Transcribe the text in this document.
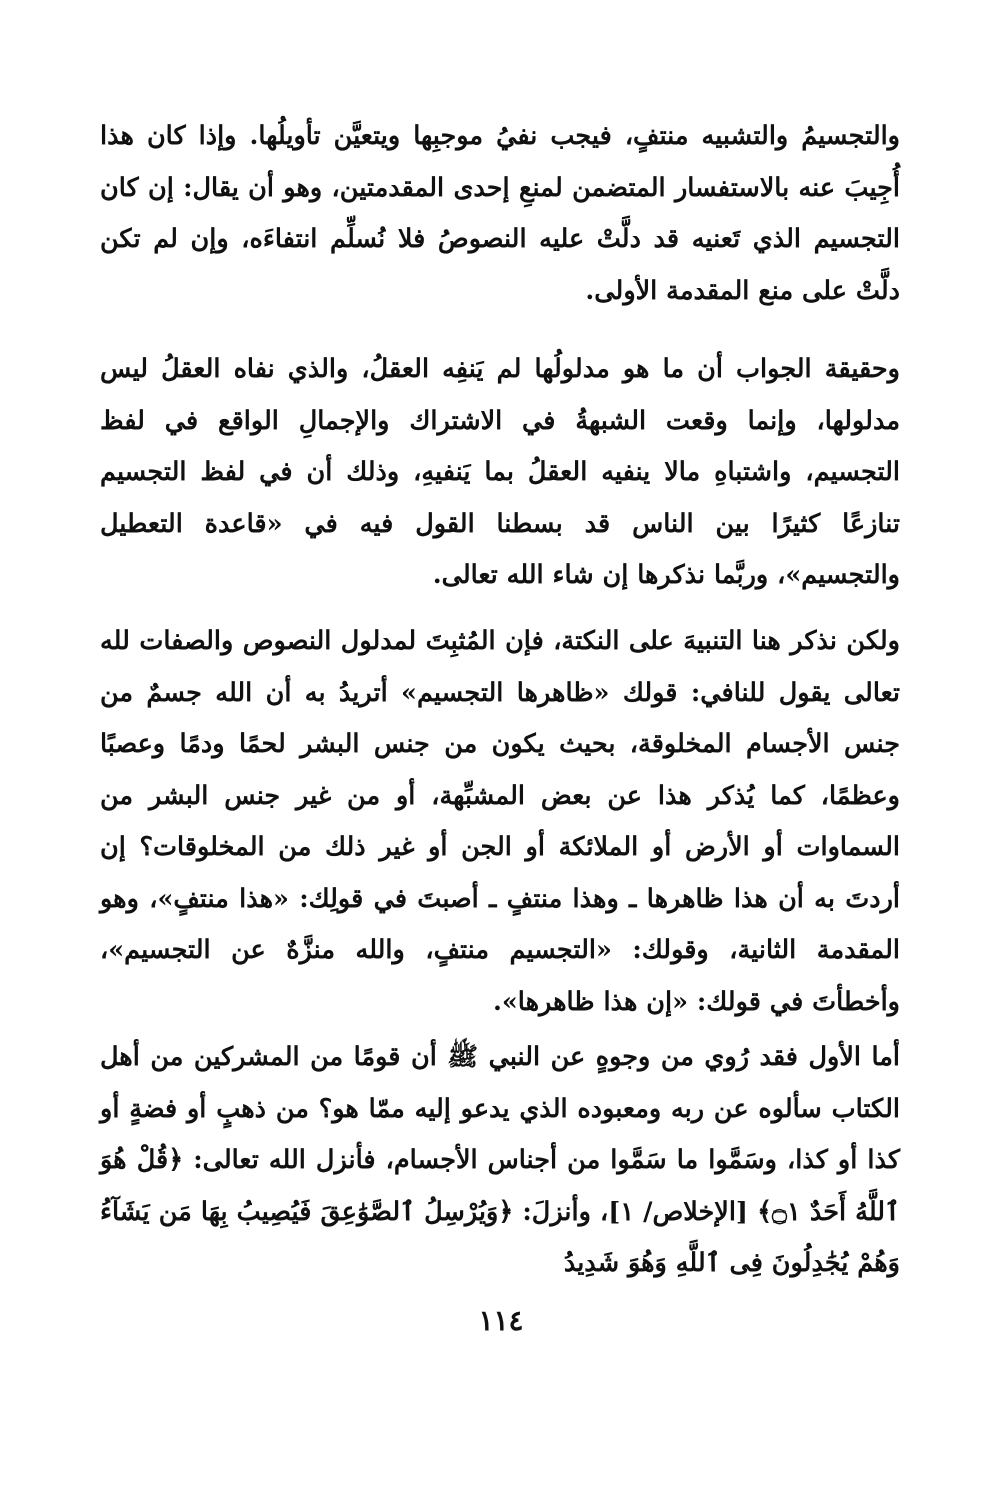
والتجسيمُ والتشبيه منتفٍ، فيجب نفيُ موجبِها ويتعيَّن تأويلُها. وإذا كان هذا أُجِيبَ عنه بالاستفسار المتضمن لمنعِ إحدى المقدمتين، وهو أن يقال: إن كان التجسيم الذي تَعنيه قد دلَّتْ عليه النصوصُ فلا نُسلِّم انتفاءَه، وإن لم تكن دلَّتْ على منع المقدمة الأولى.

وحقيقة الجواب أن ما هو مدلولُها لم يَنفِه العقلُ، والذي نفاه العقلُ ليس مدلولها، وإنما وقعت الشبهةُ في الاشتراك والإجمالِ الواقع في لفظ التجسيم، واشتباهِ مالا ينفيه العقلُ بما يَنفيهِ، وذلك أن في لفظ التجسيم تنازعًا كثيرًا بين الناس قد بسطنا القول فيه في «قاعدة التعطيل والتجسيم»، وربَّما نذكرها إن شاء الله تعالى.

ولكن نذكر هنا التنبيهَ على النكتة، فإن المُثبِتَ لمدلول النصوص والصفات لله تعالى يقول للنافي: قولك «ظاهرها التجسيم» أتريدُ به أن الله جسمٌ من جنس الأجسام المخلوقة، بحيث يكون من جنس البشر لحمًا ودمًا وعصبًا وعظمًا، كما يُذكر هذا عن بعض المشبِّهة، أو من غير جنس البشر من السماوات أو الأرض أو الملائكة أو الجن أو غير ذلك من المخلوقات؟ إن أردتَ به أن هذا ظاهرها ـ وهذا منتفٍ ـ أصبتَ في قولِك: «هذا منتفٍ»، وهو المقدمة الثانية، وقولك: «التجسيم منتفٍ، والله منزَّهٌ عن التجسيم»، وأخطأتَ في قولك: «إن هذا ظاهرها».

أما الأول فقد رُوي من وجوهٍ عن النبي ﷺ أن قومًا من المشركين من أهل الكتاب سألوه عن ربه ومعبوده الذي يدعو إليه ممّا هو؟ من ذهبٍ أو فضةٍ أو كذا أو كذا، وسَمَّوا ما سَمَّوا من أجناس الأجسام، فأنزل الله تعالى: ﴿قُلْ هُوَ ٱللَّهُ أَحَدٌ ۝١﴾ [الإخلاص/ ١]، وأنزلَ: ﴿وَيُرْسِلُ ٱلصَّوَٰعِقَ فَيُصِيبُ بِهَا مَن يَشَآءُ وَهُمْ يُجَٰدِلُونَ فِى ٱللَّهِ وَهُوَ شَدِيدُ

١١٤
